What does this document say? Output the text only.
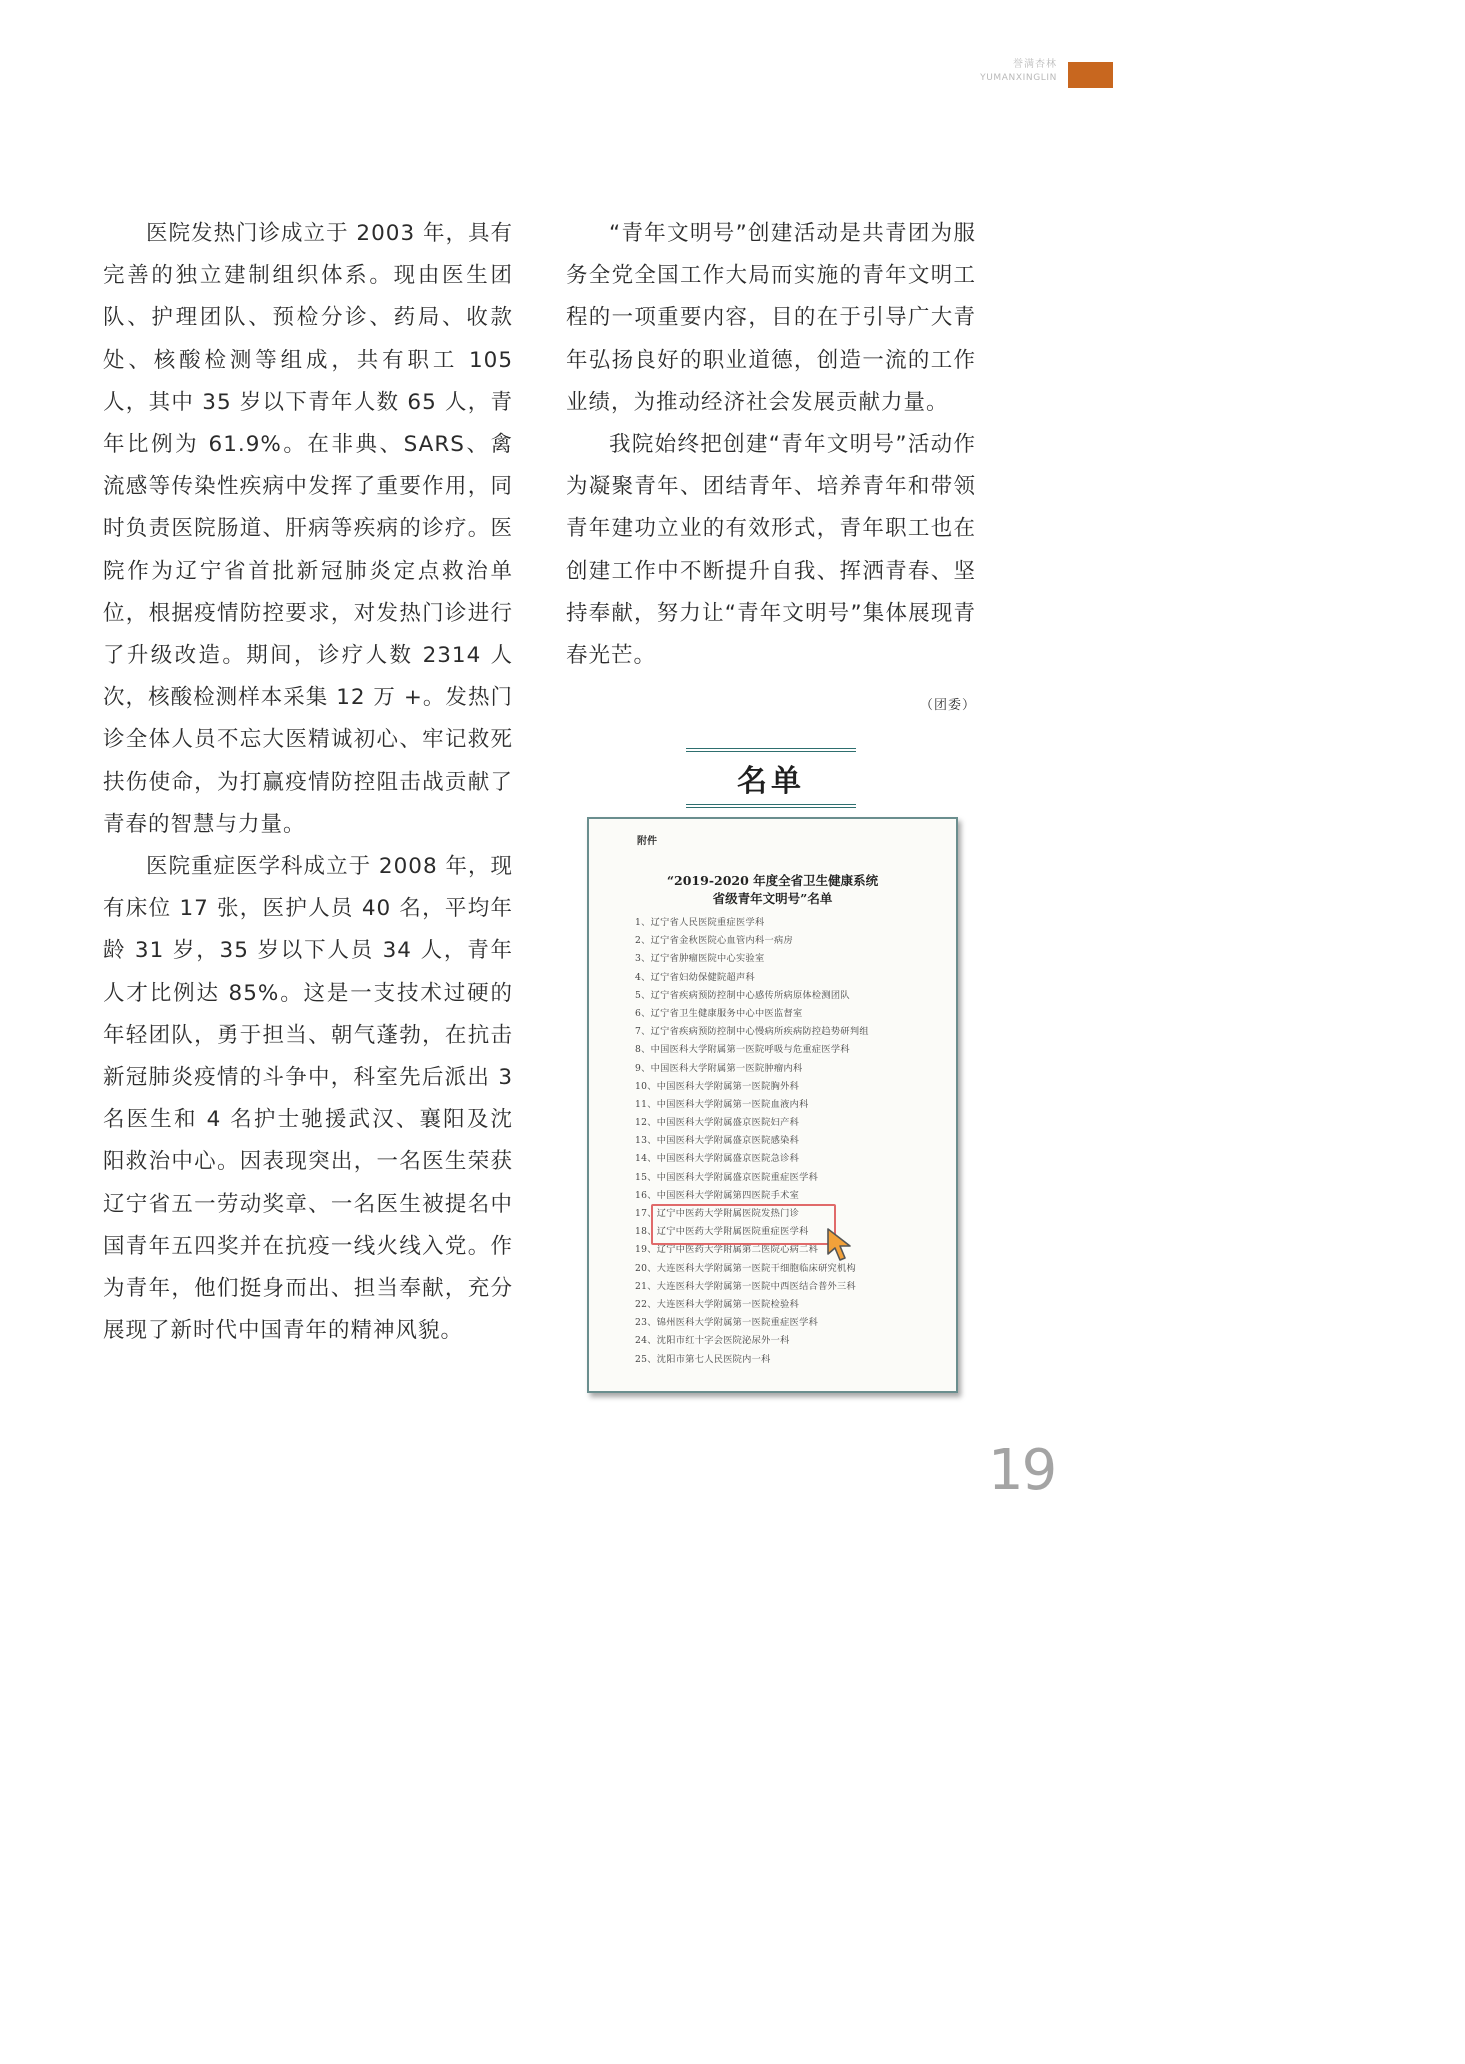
誉满杏林
YUMANXINGLIN

医院发热门诊成立于 2003 年，具有完善的独立建制组织体系。现由医生团队、护理团队、预检分诊、药局、收款处、核酸检测等组成，共有职工 105 人，其中 35 岁以下青年人数 65 人，青年比例为 61.9%。在非典、SARS、禽流感等传染性疾病中发挥了重要作用，同时负责医院肠道、肝病等疾病的诊疗。医院作为辽宁省首批新冠肺炎定点救治单位，根据疫情防控要求，对发热门诊进行了升级改造。期间，诊疗人数 2314 人次，核酸检测样本采集 12 万 +。发热门诊全体人员不忘大医精诚初心、牢记救死扶伤使命，为打赢疫情防控阻击战贡献了青春的智慧与力量。

医院重症医学科成立于 2008 年，现有床位 17 张，医护人员 40 名，平均年龄 31 岁，35 岁以下人员 34 人，青年人才比例达 85%。这是一支技术过硬的年轻团队，勇于担当、朝气蓬勃，在抗击新冠肺炎疫情的斗争中，科室先后派出 3 名医生和 4 名护士驰援武汉、襄阳及沈阳救治中心。因表现突出，一名医生荣获辽宁省五一劳动奖章、一名医生被提名中国青年五四奖并在抗疫一线火线入党。作为青年，他们挺身而出、担当奉献，充分展现了新时代中国青年的精神风貌。

“青年文明号”创建活动是共青团为服务全党全国工作大局而实施的青年文明工程的一项重要内容，目的在于引导广大青年弘扬良好的职业道德，创造一流的工作业绩，为推动经济社会发展贡献力量。

我院始终把创建“青年文明号”活动作为凝聚青年、团结青年、培养青年和带领青年建功立业的有效形式，青年职工也在创建工作中不断提升自我、挥洒青春、坚持奉献，努力让“青年文明号”集体展现青春光芒。

（团委）
名单
附件
“2019-2020 年度全省卫生健康系统
省级青年文明号”名单
1、辽宁省人民医院重症医学科
2、辽宁省金秋医院心血管内科一病房
3、辽宁省肿瘤医院中心实验室
4、辽宁省妇幼保健院超声科
5、辽宁省疾病预防控制中心感传所病原体检测团队
6、辽宁省卫生健康服务中心中医监督室
7、辽宁省疾病预防控制中心慢病所疾病防控趋势研判组
8、中国医科大学附属第一医院呼吸与危重症医学科
9、中国医科大学附属第一医院肿瘤内科
10、中国医科大学附属第一医院胸外科
11、中国医科大学附属第一医院血液内科
12、中国医科大学附属盛京医院妇产科
13、中国医科大学附属盛京医院感染科
14、中国医科大学附属盛京医院急诊科
15、中国医科大学附属盛京医院重症医学科
16、中国医科大学附属第四医院手术室
17、辽宁中医药大学附属医院发热门诊
18、辽宁中医药大学附属医院重症医学科
19、辽宁中医药大学附属第二医院心病二科
20、大连医科大学附属第一医院干细胞临床研究机构
21、大连医科大学附属第一医院中西医结合普外三科
22、大连医科大学附属第一医院检验科
23、锦州医科大学附属第一医院重症医学科
24、沈阳市红十字会医院泌尿外一科
25、沈阳市第七人民医院内一科
19
